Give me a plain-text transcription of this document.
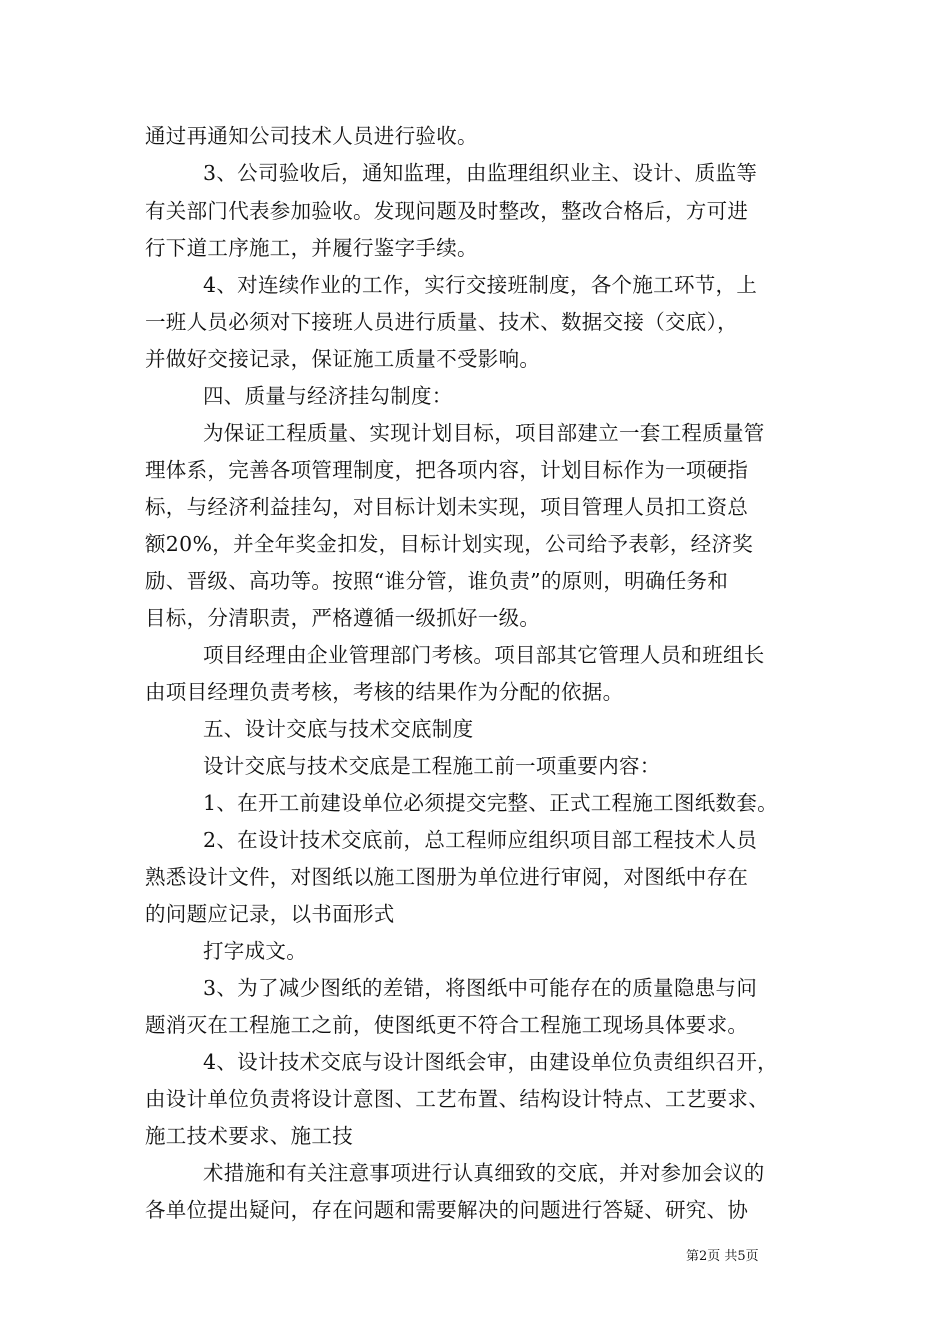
通过再通知公司技术人员进行验收。
3、公司验收后，通知监理，由监理组织业主、设计、质监等
有关部门代表参加验收。发现问题及时整改，整改合格后，方可进
行下道工序施工，并履行鉴字手续。
4、对连续作业的工作，实行交接班制度，各个施工环节，上
一班人员必须对下接班人员进行质量、技术、数据交接（交底），
并做好交接记录，保证施工质量不受影响。
四、质量与经济挂勾制度：
为保证工程质量、实现计划目标，项目部建立一套工程质量管
理体系，完善各项管理制度，把各项内容，计划目标作为一项硬指
标，与经济利益挂勾，对目标计划未实现，项目管理人员扣工资总
额20%，并全年奖金扣发，目标计划实现，公司给予表彰，经济奖
励、晋级、高功等。按照“谁分管，谁负责”的原则，明确任务和
目标，分清职责，严格遵循一级抓好一级。
项目经理由企业管理部门考核。项目部其它管理人员和班组长
由项目经理负责考核，考核的结果作为分配的依据。
五、设计交底与技术交底制度
设计交底与技术交底是工程施工前一项重要内容：
1、在开工前建设单位必须提交完整、正式工程施工图纸数套。
2、在设计技术交底前，总工程师应组织项目部工程技术人员
熟悉设计文件，对图纸以施工图册为单位进行审阅，对图纸中存在
的问题应记录，以书面形式
打字成文。
3、为了减少图纸的差错，将图纸中可能存在的质量隐患与问
题消灭在工程施工之前，使图纸更不符合工程施工现场具体要求。
4、设计技术交底与设计图纸会审，由建设单位负责组织召开，
由设计单位负责将设计意图、工艺布置、结构设计特点、工艺要求、
施工技术要求、施工技
术措施和有关注意事项进行认真细致的交底，并对参加会议的
各单位提出疑问，存在问题和需要解决的问题进行答疑、研究、协
第2页 共5页
